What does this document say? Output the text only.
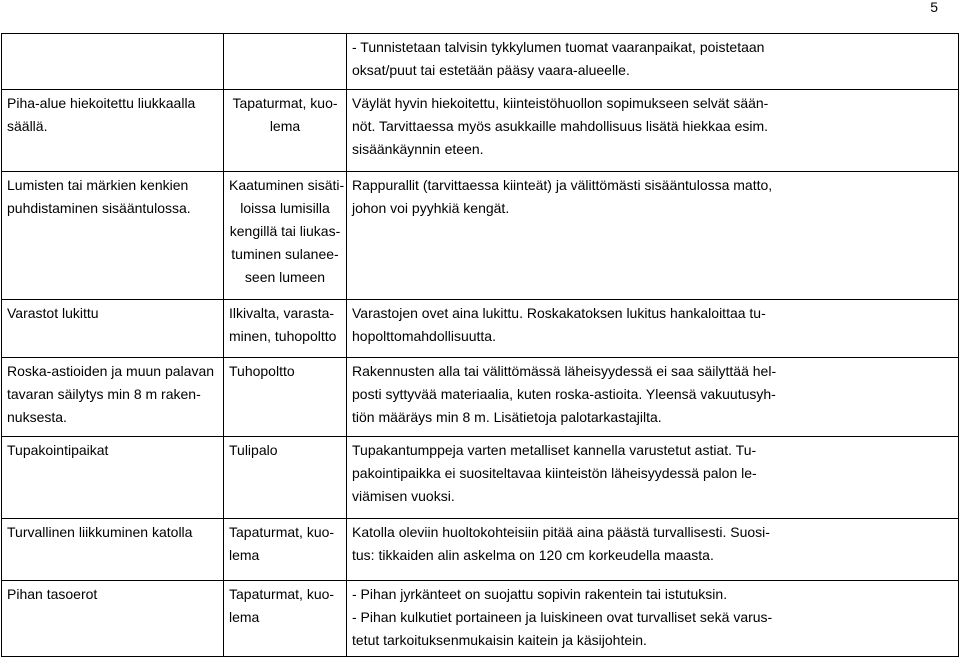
5

		- Tunnistetaan talvisin tykkylumen tuomat vaaranpaikat, poistetaan
oksat/puut tai estetään pääsy vaara-alueelle.

Piha-alue hiekoitettu liukkaalla
säällä.	Tapaturmat, kuo-
lema	Väylät hyvin hiekoitettu, kiinteistöhuollon sopimukseen selvät sään-
nöt. Tarvittaessa myös asukkaille mahdollisuus lisätä hiekkaa esim.
sisäänkäynnin eteen.

Lumisten tai märkien kenkien
puhdistaminen sisääntulossa.	Kaatuminen sisäti-
loissa lumisilla
kengillä tai liukas-
tuminen sulanee-
seen lumeen	Rappurallit (tarvittaessa kiinteät) ja välittömästi sisääntulossa matto,
johon voi pyyhkiä kengät.

Varastot lukittu	Ilkivalta, varasta-
minen, tuhopoltto	Varastojen ovet aina lukittu. Roskakatoksen lukitus hankaloittaa tu-
hopolttomahdollisuutta.

Roska-astioiden ja muun palavan
tavaran säilytys min 8 m raken-
nuksesta.	Tuhopoltto	Rakennusten alla tai välittömässä läheisyydessä ei saa säilyttää hel-
posti syttyvää materiaalia, kuten roska-astioita. Yleensä vakuutusyh-
tiön määräys min 8 m. Lisätietoja palotarkastajilta.

Tupakointipaikat	Tulipalo	Tupakantumppeja varten metalliset kannella varustetut astiat. Tu-
pakointipaikka ei suositeltavaa kiinteistön läheisyydessä palon le-
viämisen vuoksi.

Turvallinen liikkuminen katolla	Tapaturmat, kuo-
lema	Katolla oleviin huoltokohteisiin pitää aina päästä turvallisesti. Suosi-
tus: tikkaiden alin askelma on 120 cm korkeudella maasta.

Pihan tasoerot	Tapaturmat, kuo-
lema	- Pihan jyrkänteet on suojattu sopivin rakentein tai istutuksin.
- Pihan kulkutiet portaineen ja luiskineen ovat turvalliset sekä varus-
tetut tarkoituksenmukaisin kaitein ja käsijohtein.
